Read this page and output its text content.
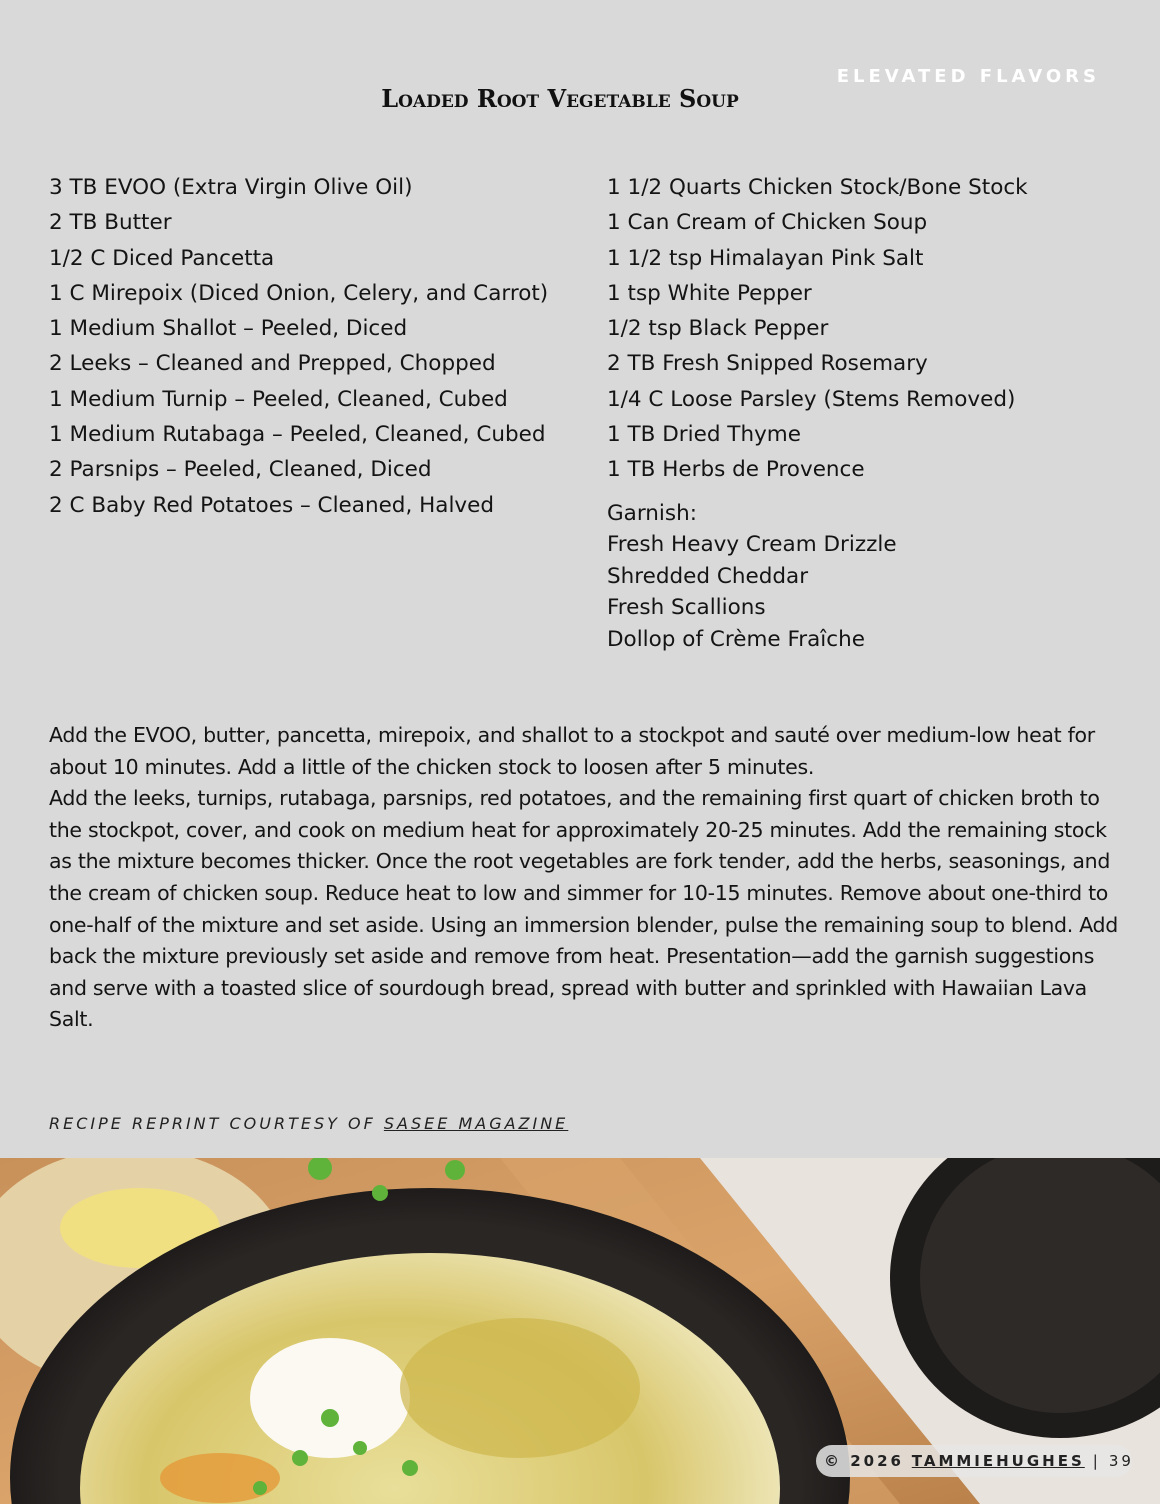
ELEVATED FLAVORS
Loaded Root Vegetable Soup
3 TB EVOO (Extra Virgin Olive Oil)
2 TB Butter
1/2 C Diced Pancetta
1 C Mirepoix (Diced Onion, Celery, and Carrot)
1 Medium Shallot – Peeled, Diced
2 Leeks – Cleaned and Prepped, Chopped
1 Medium Turnip – Peeled, Cleaned, Cubed
1 Medium Rutabaga – Peeled, Cleaned, Cubed
2 Parsnips – Peeled, Cleaned, Diced
2 C Baby Red Potatoes – Cleaned, Halved
1 1/2 Quarts Chicken Stock/Bone Stock
1 Can Cream of Chicken Soup
1 1/2 tsp Himalayan Pink Salt
1 tsp White Pepper
1/2 tsp Black Pepper
2 TB Fresh Snipped Rosemary
1/4 C Loose Parsley (Stems Removed)
1 TB Dried Thyme
1 TB Herbs de Provence
Garnish:
Fresh Heavy Cream Drizzle
Shredded Cheddar
Fresh Scallions
Dollop of Crème Fraîche

Add the EVOO, butter, pancetta, mirepoix, and shallot to a stockpot and sauté over medium-low heat for about 10 minutes. Add a little of the chicken stock to loosen after 5 minutes.

Add the leeks, turnips, rutabaga, parsnips, red potatoes, and the remaining first quart of chicken broth to the stockpot, cover, and cook on medium heat for approximately 20-25 minutes. Add the remaining stock as the mixture becomes thicker. Once the root vegetables are fork tender, add the herbs, seasonings, and the cream of chicken soup. Reduce heat to low and simmer for 10-15 minutes. Remove about one-third to one-half of the mixture and set aside. Using an immersion blender, pulse the remaining soup to blend. Add back the mixture previously set aside and remove from heat. Presentation—add the garnish suggestions and serve with a toasted slice of sourdough bread, spread with butter and sprinkled with Hawaiian Lava Salt.

RECIPE REPRINT COURTESY OF SASEE MAGAZINE
© 2026
TAMMIEHUGHES | 39
